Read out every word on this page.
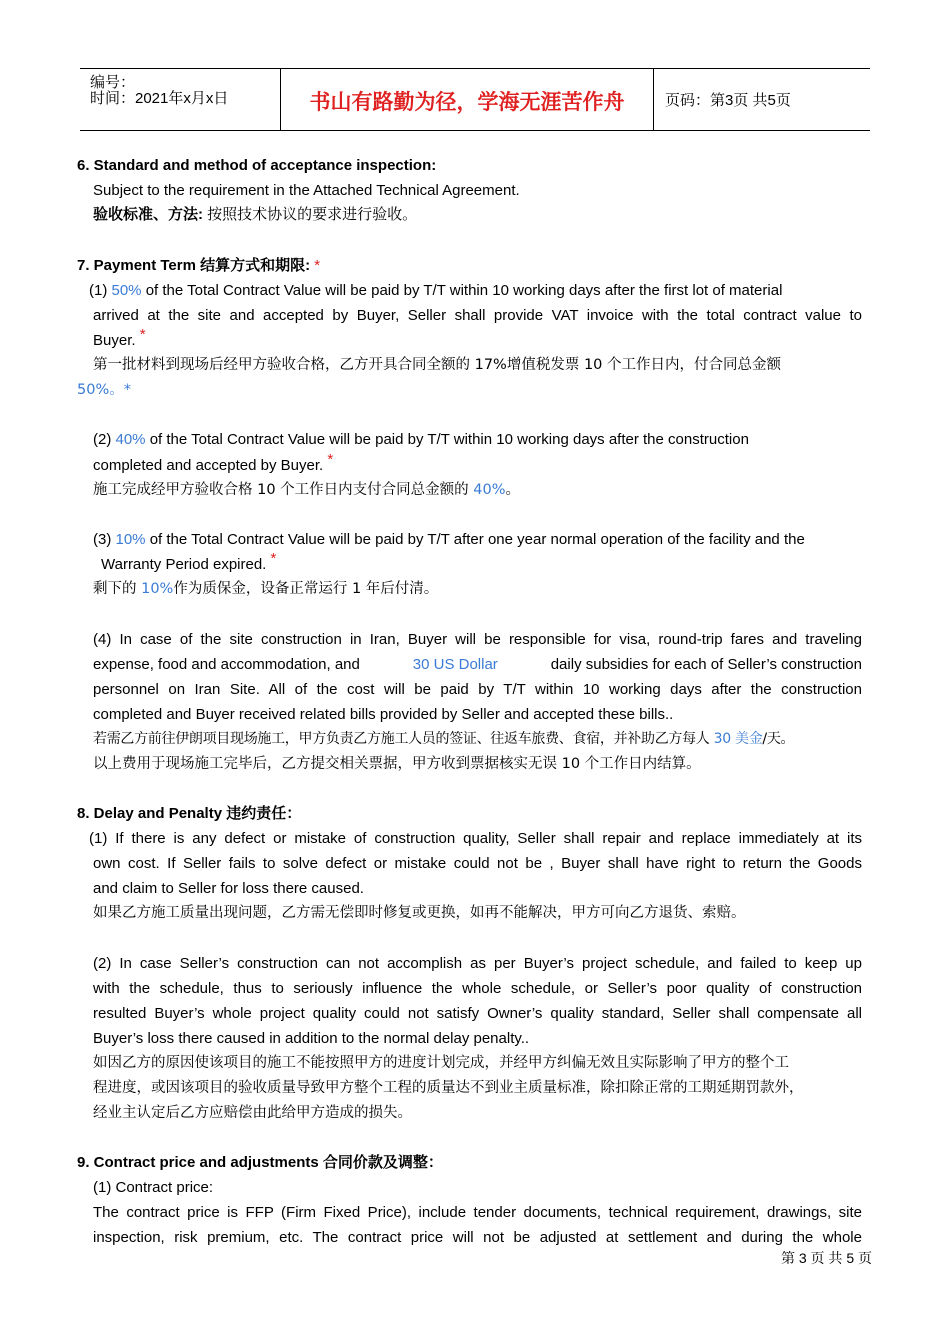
编号：
时间：2021年x月x日	书山有路勤为径，学海无涯苦作舟	页码：第3页 共5页
6. Standard and method of acceptance inspection:
Subject to the requirement in the Attached Technical Agreement.
验收标准、方法: 按照技术协议的要求进行验收。
7. Payment Term 结算方式和期限: *
(1) 50% of the Total Contract Value will be paid by T/T within 10 working days after the first lot of material
arrived at the site and accepted by Buyer, Seller shall provide VAT invoice with the total contract value to
Buyer. *
第一批材料到现场后经甲方验收合格，乙方开具合同全额的 17%增值税发票 10 个工作日内，付合同总金额
50%。*
(2) 40% of the Total Contract Value will be paid by T/T within 10 working days after the construction
completed and accepted by Buyer. *
施工完成经甲方验收合格 10 个工作日内支付合同总金额的 40%。
(3) 10% of the Total Contract Value will be paid by T/T after one year normal operation of the facility and the
Warranty Period expired. *
剩下的 10%作为质保金，设备正常运行 1 年后付清。
(4) In case of the site construction in Iran, Buyer will be responsible for visa, round-trip fares and traveling
expense, food and accommodation, and	30 US Dollar	daily subsidies for each of Seller’s construction
personnel on Iran Site. All of the cost will be paid by T/T within 10 working days after the construction
completed and Buyer received related bills provided by Seller and accepted these bills..
若需乙方前往伊朗项目现场施工，甲方负责乙方施工人员的签证、往返车旅费、食宿，并补助乙方每人 30 美金/天。
以上费用于现场施工完毕后，乙方提交相关票据，甲方收到票据核实无误 10 个工作日内结算。
8. Delay and Penalty 违约责任：
(1) If there is any defect or mistake of construction quality, Seller shall repair and replace immediately at its
own cost. If Seller fails to solve defect or mistake could not be , Buyer shall have right to return the Goods
and claim to Seller for loss there caused.
如果乙方施工质量出现问题，乙方需无偿即时修复或更换，如再不能解决，甲方可向乙方退货、索赔。
(2) In case Seller’s construction can not accomplish as per Buyer’s project schedule, and failed to keep up
with the schedule, thus to seriously influence the whole schedule, or Seller’s poor quality of construction
resulted Buyer’s whole project quality could not satisfy Owner’s quality standard, Seller shall compensate all
Buyer’s loss there caused in addition to the normal delay penalty..
如因乙方的原因使该项目的施工不能按照甲方的进度计划完成，并经甲方纠偏无效且实际影响了甲方的整个工
程进度，或因该项目的验收质量导致甲方整个工程的质量达不到业主质量标准，除扣除正常的工期延期罚款外，
经业主认定后乙方应赔偿由此给甲方造成的损失。
9. Contract price and adjustments 合同价款及调整：
(1) Contract price:
The contract price is FFP (Firm Fixed Price), include tender documents, technical requirement, drawings, site
inspection, risk premium, etc. The contract price will not be adjusted at settlement and during the whole
第 3 页 共 5 页
